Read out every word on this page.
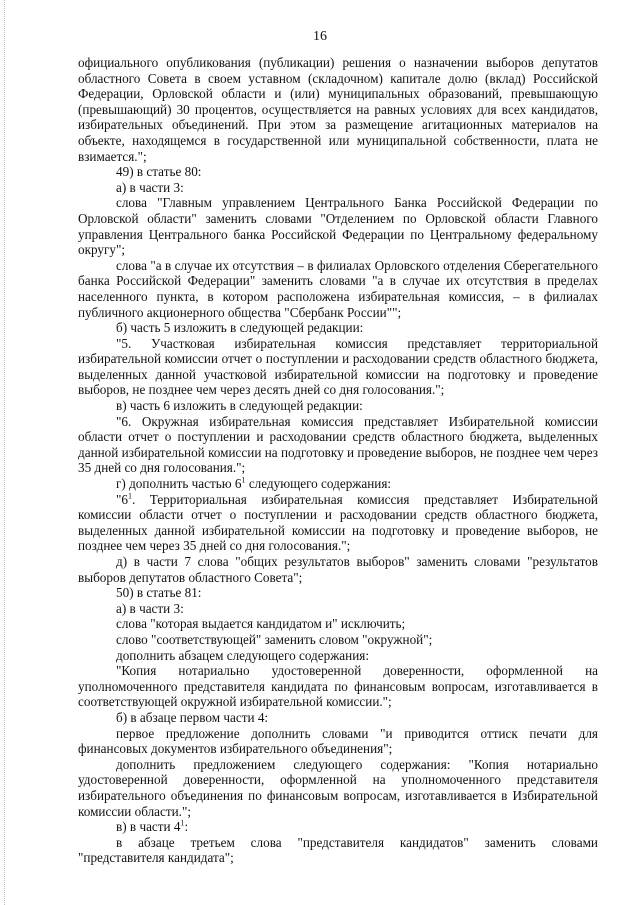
16

официального опубликования (публикации) решения о назначении выборов депутатов областного Совета в своем уставном (складочном) капитале долю (вклад) Российской Федерации, Орловской области и (или) муниципальных образований, превышающую (превышающий) 30 процентов, осуществляется на равных условиях для всех кандидатов, избирательных объединений. При этом за размещение агитационных материалов на объекте, находящемся в государственной или муниципальной собственности, плата не взимается.";

49) в статье 80:

а) в части 3:

слова "Главным управлением Центрального Банка Российской Федерации по Орловской области" заменить словами "Отделением по Орловской области Главного управления Центрального банка Российской Федерации по Центральному федеральному округу";

слова "а в случае их отсутствия – в филиалах Орловского отделения Сберегательного банка Российской Федерации" заменить словами "а в случае их отсутствия в пределах населенного пункта, в котором расположена избирательная комиссия, – в филиалах публичного акционерного общества "Сбербанк России"";

б) часть 5 изложить в следующей редакции:

"5. Участковая избирательная комиссия представляет территориальной избирательной комиссии отчет о поступлении и расходовании средств областного бюджета, выделенных данной участковой избирательной комиссии на подготовку и проведение выборов, не позднее чем через десять дней со дня голосования.";

в) часть 6 изложить в следующей редакции:

"6. Окружная избирательная комиссия представляет Избирательной комиссии области отчет о поступлении и расходовании средств областного бюджета, выделенных данной избирательной комиссии на подготовку и проведение выборов, не позднее чем через 35 дней со дня голосования.";

г) дополнить частью $6^1$ следующего содержания:

"$6^1$. Территориальная избирательная комиссия представляет Избирательной комиссии области отчет о поступлении и расходовании средств областного бюджета, выделенных данной избирательной комиссии на подготовку и проведение выборов, не позднее чем через 35 дней со дня голосования.";

д) в части 7 слова "общих результатов выборов" заменить словами "результатов выборов депутатов областного Совета";

50) в статье 81:

а) в части 3:

слова "которая выдается кандидатом и" исключить;

слово "соответствующей" заменить словом "окружной";

дополнить абзацем следующего содержания:

"Копия нотариально удостоверенной доверенности, оформленной на уполномоченного представителя кандидата по финансовым вопросам, изготавливается в соответствующей окружной избирательной комиссии.";

б) в абзаце первом части 4:

первое предложение дополнить словами "и приводится оттиск печати для финансовых документов избирательного объединения";

дополнить предложением следующего содержания: "Копия нотариально удостоверенной доверенности, оформленной на уполномоченного представителя избирательного объединения по финансовым вопросам, изготавливается в Избирательной комиссии области.";

в) в части $4^1$:

в абзаце третьем слова "представителя кандидатов" заменить словами "представителя кандидата";
